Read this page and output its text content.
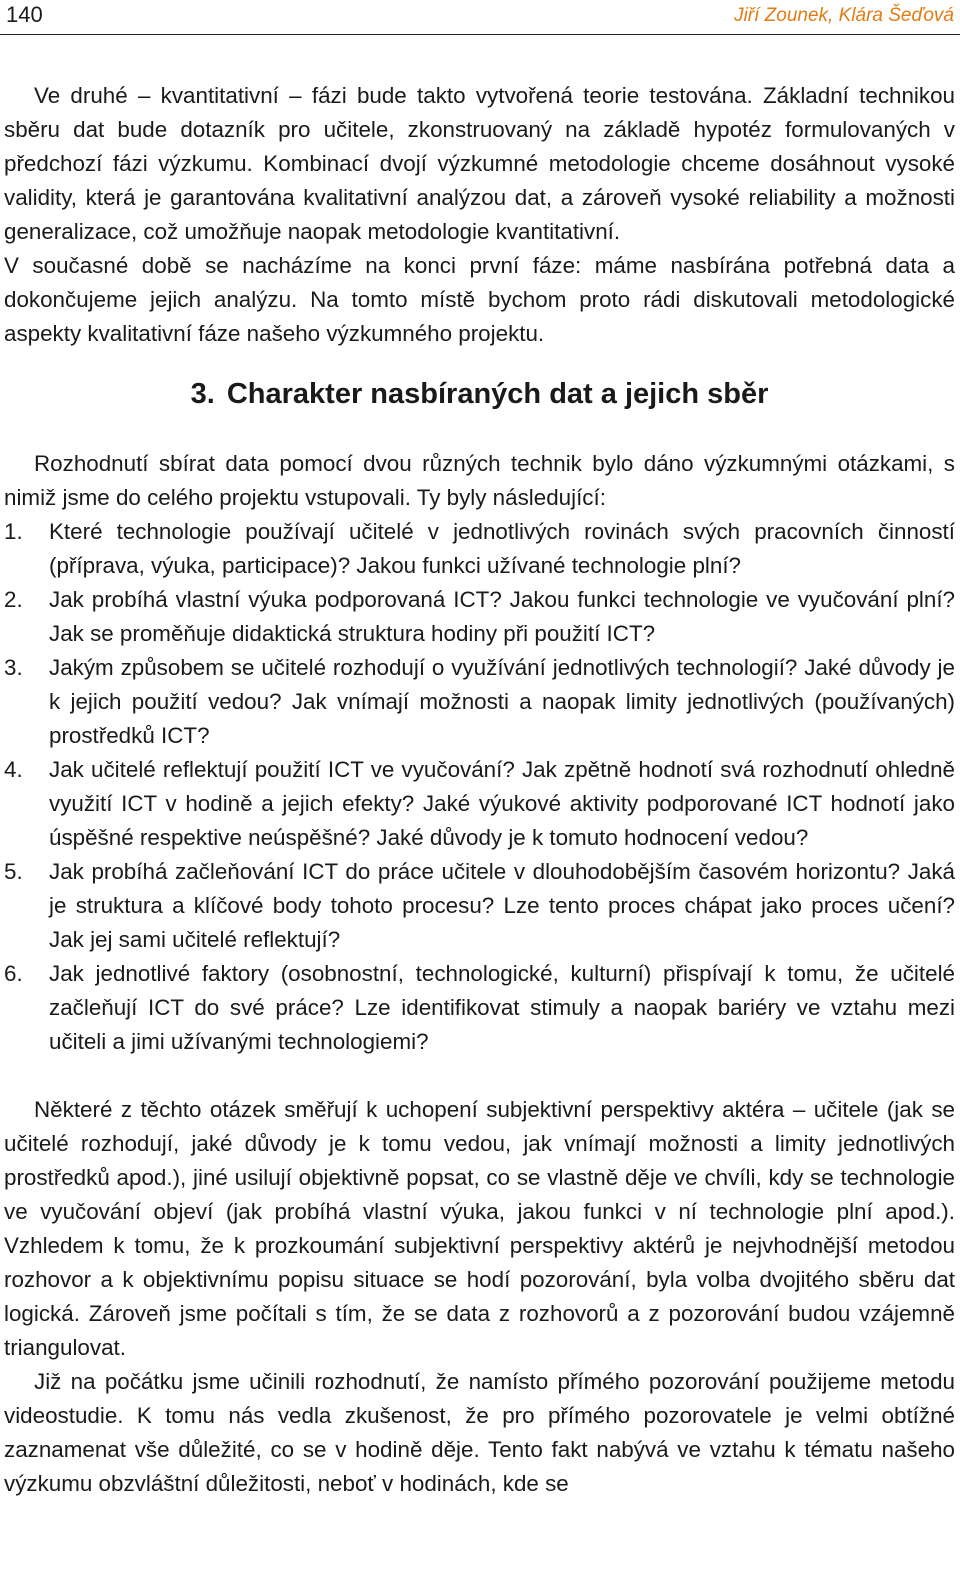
140	Jiří Zounek, Klára Šeďová

Ve druhé – kvantitativní – fázi bude takto vytvořená teorie testována. Základní technikou sběru dat bude dotazník pro učitele, zkonstruovaný na základě hypotéz formulovaných v předchozí fázi výzkumu. Kombinací dvojí výzkumné metodologie chceme dosáhnout vysoké validity, která je garantována kvalitativní analýzou dat, a zároveň vysoké reliability a možnosti generalizace, což umožňuje naopak metodologie kvantitativní.

V současné době se nacházíme na konci první fáze: máme nasbírána potřebná data a dokončujeme jejich analýzu. Na tomto místě bychom proto rádi diskutovali metodologické aspekty kvalitativní fáze našeho výzkumného projektu.

3. Charakter nasbíraných dat a jejich sběr

Rozhodnutí sbírat data pomocí dvou různých technik bylo dáno výzkumnými otázkami, s nimiž jsme do celého projektu vstupovali. Ty byly následující:

1. Které technologie používají učitelé v jednotlivých rovinách svých pracovních činností (příprava, výuka, participace)? Jakou funkci užívané technologie plní?
2. Jak probíhá vlastní výuka podporovaná ICT? Jakou funkci technologie ve vyučování plní? Jak se proměňuje didaktická struktura hodiny při použití ICT?
3. Jakým způsobem se učitelé rozhodují o využívání jednotlivých technologií? Jaké důvody je k jejich použití vedou? Jak vnímají možnosti a naopak limity jednotlivých (používaných) prostředků ICT?
4. Jak učitelé reflektují použití ICT ve vyučování? Jak zpětně hodnotí svá rozhodnutí ohledně využití ICT v hodině a jejich efekty? Jaké výukové aktivity podporované ICT hodnotí jako úspěšné respektive neúspěšné? Jaké důvody je k tomuto hodnocení vedou?
5. Jak probíhá začleňování ICT do práce učitele v dlouhodobějším časovém horizontu? Jaká je struktura a klíčové body tohoto procesu? Lze tento proces chápat jako proces učení? Jak jej sami učitelé reflektují?
6. Jak jednotlivé faktory (osobnostní, technologické, kulturní) přispívají k tomu, že učitelé začleňují ICT do své práce? Lze identifikovat stimuly a naopak bariéry ve vztahu mezi učiteli a jimi užívanými technologiemi?

Některé z těchto otázek směřují k uchopení subjektivní perspektivy aktéra – učitele (jak se učitelé rozhodují, jaké důvody je k tomu vedou, jak vnímají možnosti a limity jednotlivých prostředků apod.), jiné usilují objektivně popsat, co se vlastně děje ve chvíli, kdy se technologie ve vyučování objeví (jak probíhá vlastní výuka, jakou funkci v ní technologie plní apod.). Vzhledem k tomu, že k prozkoumání subjektivní perspektivy aktérů je nejvhodnější metodou rozhovor a k objektivnímu popisu situace se hodí pozorování, byla volba dvojitého sběru dat logická. Zároveň jsme počítali s tím, že se data z rozhovorů a z pozorování budou vzájemně triangulovat.

Již na počátku jsme učinili rozhodnutí, že namísto přímého pozorování použijeme metodu videostudie. K tomu nás vedla zkušenost, že pro přímého pozorovatele je velmi obtížné zaznamenat vše důležité, co se v hodině děje. Tento fakt nabývá ve vztahu k tématu našeho výzkumu obzvláštní důležitosti, neboť v hodinách, kde se
